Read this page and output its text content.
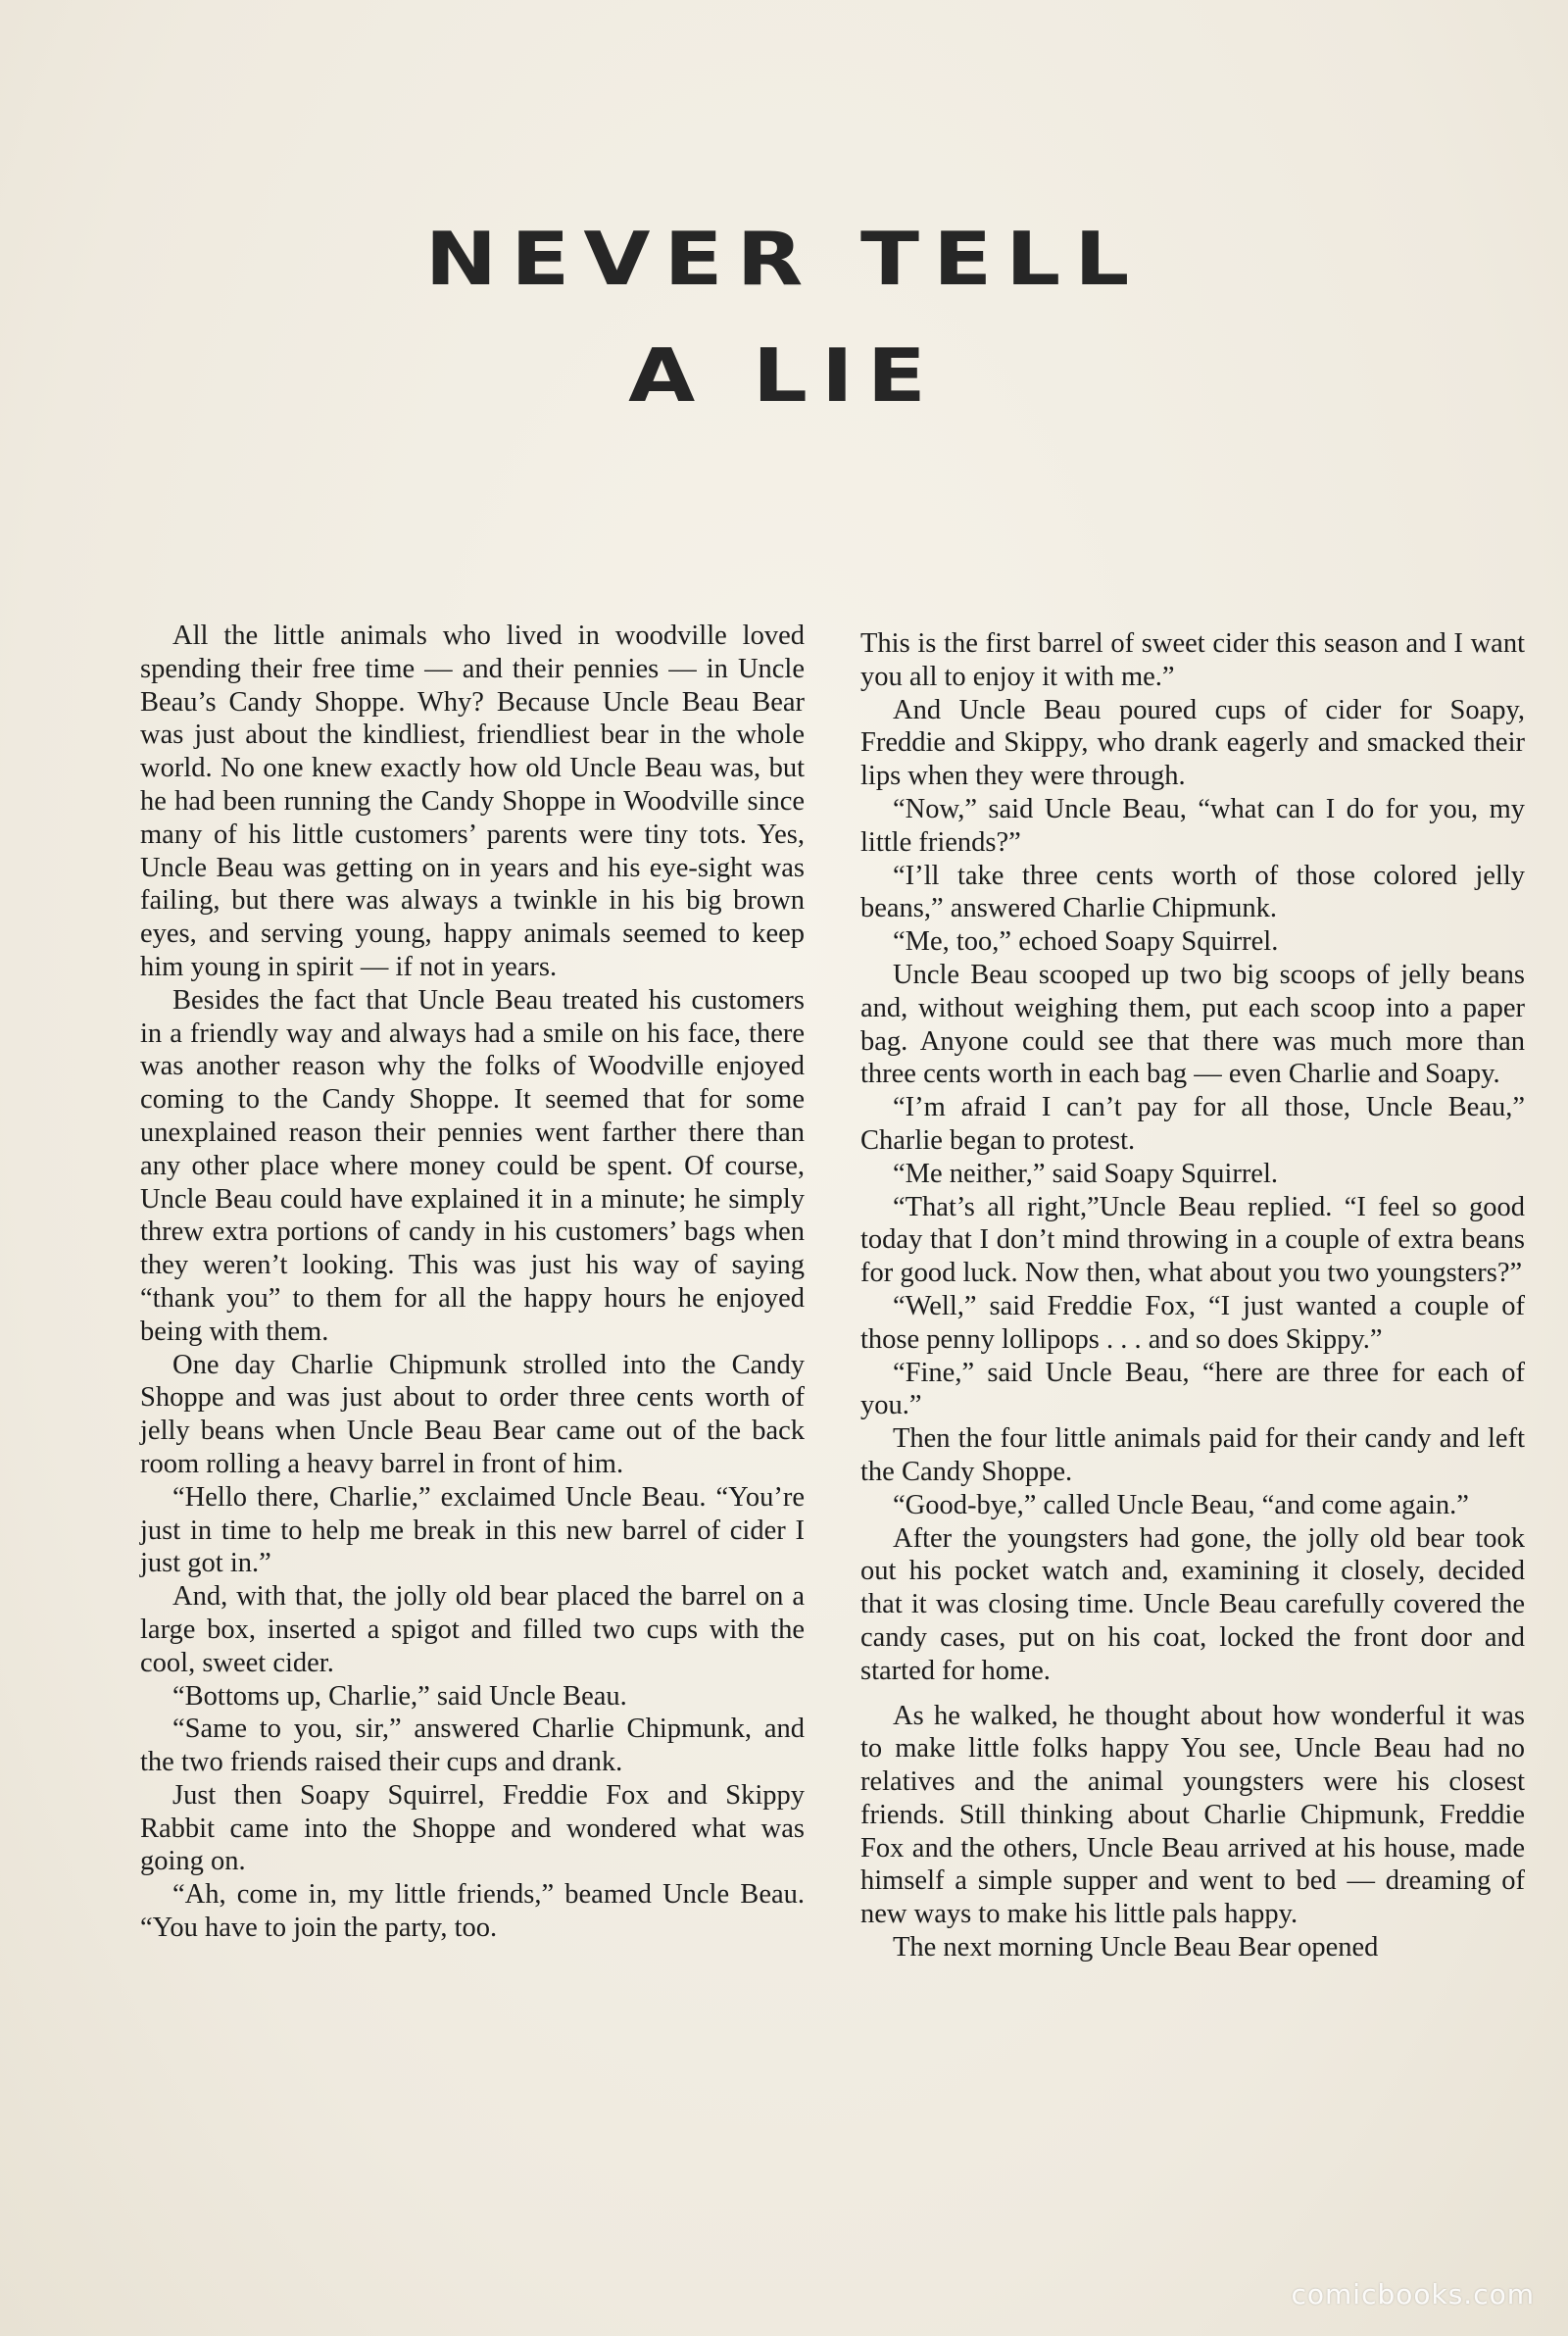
NEVER TELL
A LIE

All the little animals who lived in woodville loved spending their free time — and their pennies — in Uncle Beau’s Candy Shoppe. Why? Because Uncle Beau Bear was just about the kindliest, friendliest bear in the whole world. No one knew exactly how old Uncle Beau was, but he had been running the Candy Shoppe in Woodville since many of his little customers’ parents were tiny tots. Yes, Uncle Beau was getting on in years and his eye-sight was failing, but there was always a twinkle in his big brown eyes, and serving young, happy animals seemed to keep him young in spirit — if not in years.

Besides the fact that Uncle Beau treated his customers in a friendly way and always had a smile on his face, there was another reason why the folks of Woodville enjoyed coming to the Candy Shoppe. It seemed that for some unexplained reason their pennies went farther there than any other place where money could be spent. Of course, Uncle Beau could have explained it in a minute; he simply threw extra portions of candy in his customers’ bags when they weren’t looking. This was just his way of saying “thank you” to them for all the happy hours he enjoyed being with them.

One day Charlie Chipmunk strolled into the Candy Shoppe and was just about to order three cents worth of jelly beans when Uncle Beau Bear came out of the back room rolling a heavy barrel in front of him.

“Hello there, Charlie,” exclaimed Uncle Beau. “You’re just in time to help me break in this new barrel of cider I just got in.”

And, with that, the jolly old bear placed the barrel on a large box, inserted a spigot and filled two cups with the cool, sweet cider.

“Bottoms up, Charlie,” said Uncle Beau.

“Same to you, sir,” answered Charlie Chipmunk, and the two friends raised their cups and drank.

Just then Soapy Squirrel, Freddie Fox and Skippy Rabbit came into the Shoppe and wondered what was going on.

“Ah, come in, my little friends,” beamed Uncle Beau. “You have to join the party, too.

This is the first barrel of sweet cider this season and I want you all to enjoy it with me.”

And Uncle Beau poured cups of cider for Soapy, Freddie and Skippy, who drank eagerly and smacked their lips when they were through.

“Now,” said Uncle Beau, “what can I do for you, my little friends?”

“I’ll take three cents worth of those colored jelly beans,” answered Charlie Chipmunk.

“Me, too,” echoed Soapy Squirrel.

Uncle Beau scooped up two big scoops of jelly beans and, without weighing them, put each scoop into a paper bag. Anyone could see that there was much more than three cents worth in each bag — even Charlie and Soapy.

“I’m afraid I can’t pay for all those, Uncle Beau,” Charlie began to protest.

“Me neither,” said Soapy Squirrel.

“That’s all right,”Uncle Beau replied. “I feel so good today that I don’t mind throwing in a couple of extra beans for good luck. Now then, what about you two youngsters?”

“Well,” said Freddie Fox, “I just wanted a couple of those penny lollipops . . . and so does Skippy.”

“Fine,” said Uncle Beau, “here are three for each of you.”

Then the four little animals paid for their candy and left the Candy Shoppe.

“Good-bye,” called Uncle Beau, “and come again.”

After the youngsters had gone, the jolly old bear took out his pocket watch and, examining it closely, decided that it was closing time. Uncle Beau carefully covered the candy cases, put on his coat, locked the front door and started for home.

As he walked, he thought about how wonderful it was to make little folks happy You see, Uncle Beau had no relatives and the animal youngsters were his closest friends. Still thinking about Charlie Chipmunk, Freddie Fox and the others, Uncle Beau arrived at his house, made himself a simple supper and went to bed — dreaming of new ways to make his little pals happy.

The next morning Uncle Beau Bear opened

comicbooks.com
